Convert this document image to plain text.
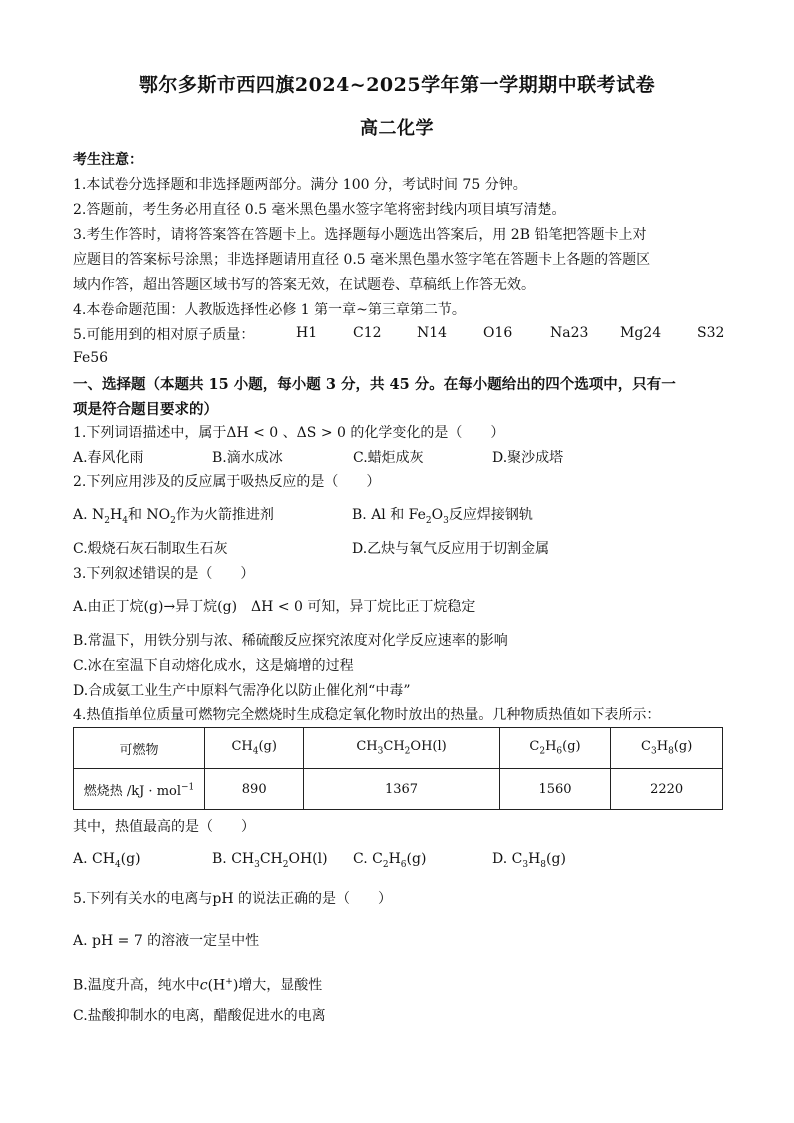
鄂尔多斯市西四旗2024~2025学年第一学期期中联考试卷
高二化学
考生注意：
1.本试卷分选择题和非选择题两部分。满分 100 分，考试时间 75 分钟。
2.答题前，考生务必用直径 0.5 毫米黑色墨水签字笔将密封线内项目填写清楚。
3.考生作答时，请将答案答在答题卡上。选择题每小题选出答案后，用 2B 铅笔把答题卡上对
应题目的答案标号涂黑；非选择题请用直径 0.5 毫米黑色墨水签字笔在答题卡上各题的答题区
域内作答，超出答题区域书写的答案无效，在试题卷、草稿纸上作答无效。
4.本卷命题范围：人教版选择性必修 1 第一章~第三章第二节。
5.可能用到的相对原子质量：	H1	C12	N14	O16	Na23 Mg24	S32
Fe56
一、选择题（本题共 15 小题，每小题 3 分，共 45 分。在每小题给出的四个选项中，只有一
项是符合题目要求的）
1.下列词语描述中，属于ΔH < 0 、ΔS > 0 的化学变化的是（　　）
A.春风化雨	B.滴水成冰	C.蜡炬成灰	D.聚沙成塔
2.下列应用涉及的反应属于吸热反应的是（　　）
A. $N_2H_4$和 $NO_2$作为火箭推进剂	B. Al 和 $Fe_2O_3$反应焊接钢轨
C.煅烧石灰石制取生石灰	D.乙炔与氧气反应用于切割金属
3.下列叙述错误的是（　　）
A.由正丁烷(g)→异丁烷(g)　ΔH < 0 可知，异丁烷比正丁烷稳定
B.常温下，用铁分别与浓、稀硫酸反应探究浓度对化学反应速率的影响
C.冰在室温下自动熔化成水，这是熵增的过程
D.合成氨工业生产中原料气需净化以防止催化剂“中毒”
4.热值指单位质量可燃物完全燃烧时生成稳定氧化物时放出的热量。几种物质热值如下表所示：
可燃物	$CH_4(g)$	$CH_3CH_2OH(l)$	$C_2H_6(g)$	$C_3H_8(g)$
燃烧热 /kJ · mol$^{-1}$	890	1367	1560	2220
其中，热值最高的是（　　）
A. $CH_4(g)$	B. $CH_3CH_2OH(l)$ C. $C_2H_6(g)$	D. $C_3H_8(g)$
5.下列有关水的电离与pH 的说法正确的是（　　）
A. pH = 7 的溶液一定呈中性
B.温度升高，纯水中c(H+)增大，显酸性
C.盐酸抑制水的电离，醋酸促进水的电离
